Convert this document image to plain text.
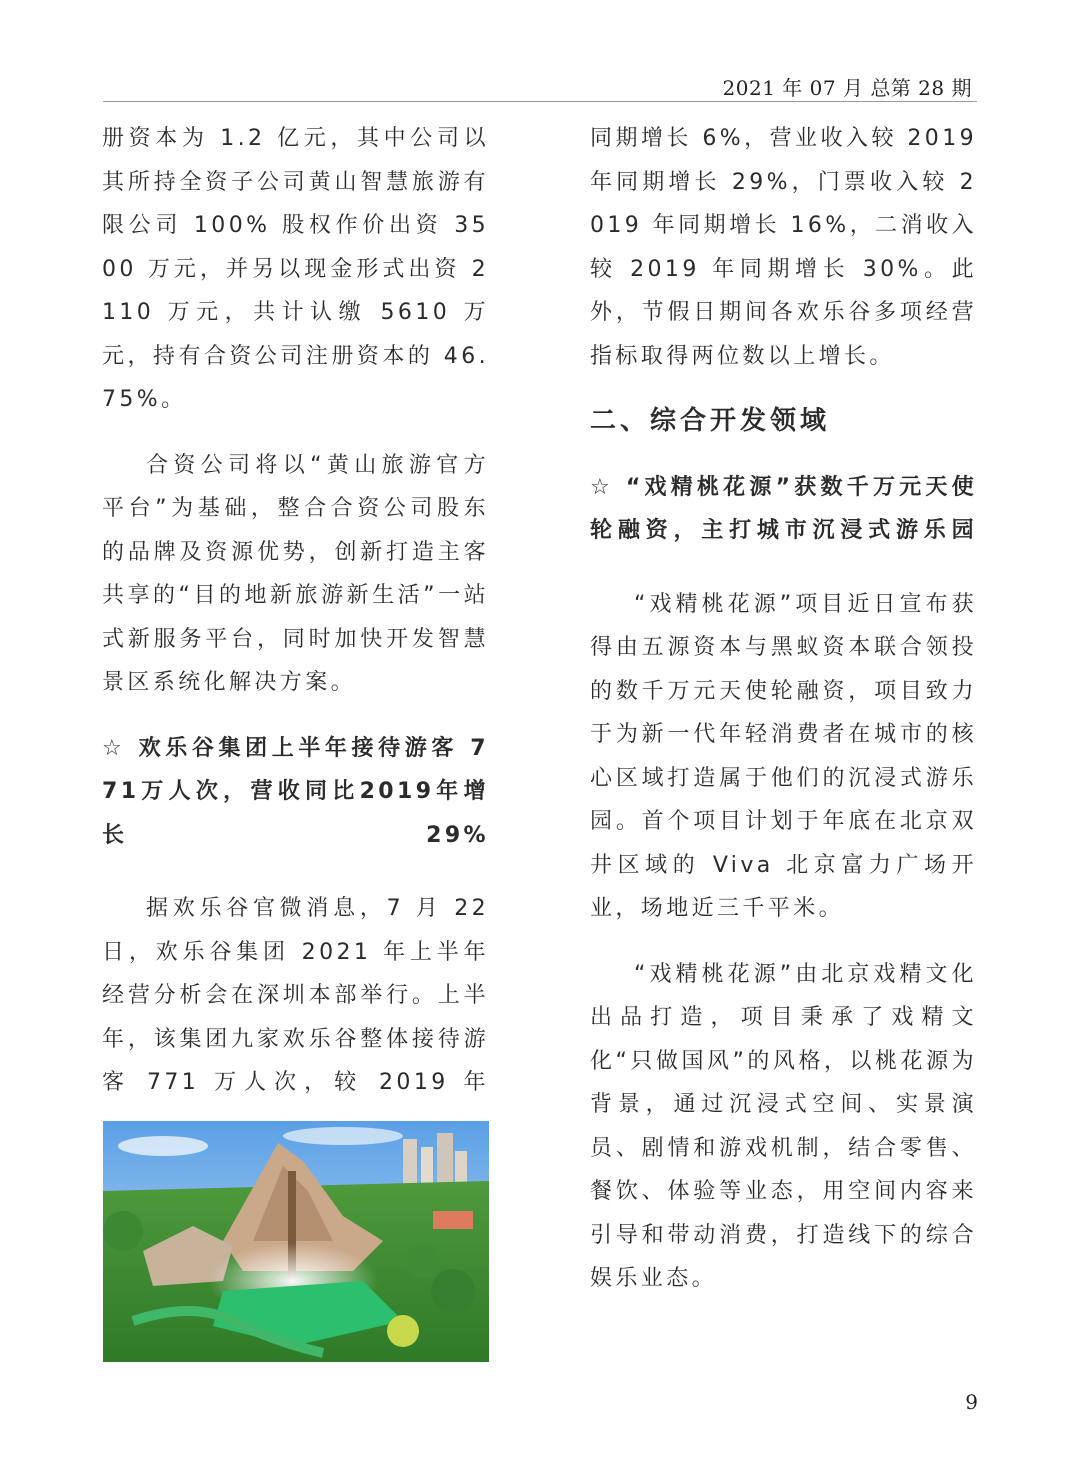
2021 年 07 月 总第 28 期

册资本为 1.2 亿元，其中公司以其所持全资子公司黄山智慧旅游有限公司 100% 股权作价出资 3500 万元，并另以现金形式出资 2110 万元，共计认缴 5610 万元，持有合资公司注册资本的 46.75%。

合资公司将以“黄山旅游官方平台”为基础，整合合资公司股东的品牌及资源优势，创新打造主客共享的“目的地新旅游新生活”一站式新服务平台，同时加快开发智慧景区系统化解决方案。

☆ 欢乐谷集团上半年接待游客 771万人次，营收同比2019年增长29%

据欢乐谷官微消息，7 月 22 日，欢乐谷集团 2021 年上半年经营分析会在深圳本部举行。上半年，该集团九家欢乐谷整体接待游客 771 万人次，较 2019 年

同期增长 6%，营业收入较 2019 年同期增长 29%，门票收入较 2019 年同期增长 16%，二消收入较 2019 年同期增长 30%。此外，节假日期间各欢乐谷多项经营指标取得两位数以上增长。

二、综合开发领域

☆ “戏精桃花源”获数千万元天使轮融资，主打城市沉浸式游乐园

“戏精桃花源”项目近日宣布获得由五源资本与黑蚁资本联合领投的数千万元天使轮融资，项目致力于为新一代年轻消费者在城市的核心区域打造属于他们的沉浸式游乐园。首个项目计划于年底在北京双井区域的 Viva 北京富力广场开业，场地近三千平米。

“戏精桃花源”由北京戏精文化出品打造，项目秉承了戏精文化“只做国风”的风格，以桃花源为背景，通过沉浸式空间、实景演员、剧情和游戏机制，结合零售、餐饮、体验等业态，用空间内容来引导和带动消费，打造线下的综合娱乐业态。

9
